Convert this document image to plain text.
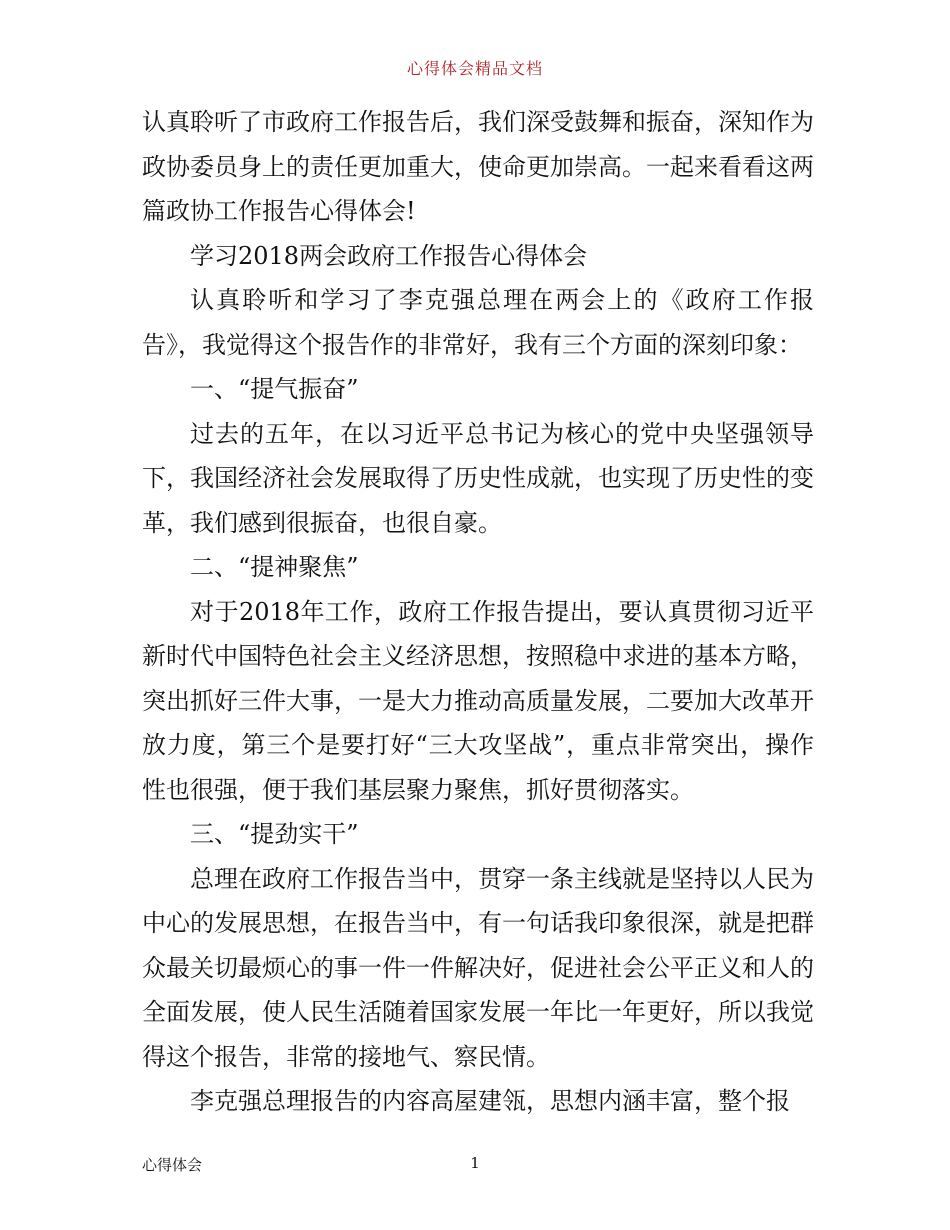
心得体会精品文档

认真聆听了市政府工作报告后，我们深受鼓舞和振奋，深知作为政协委员身上的责任更加重大，使命更加崇高。一起来看看这两篇政协工作报告心得体会!

学习2018两会政府工作报告心得体会

认真聆听和学习了李克强总理在两会上的《政府工作报告》，我觉得这个报告作的非常好，我有三个方面的深刻印象：

一、“提气振奋”

过去的五年，在以习近平总书记为核心的党中央坚强领导下，我国经济社会发展取得了历史性成就，也实现了历史性的变革，我们感到很振奋，也很自豪。

二、“提神聚焦”

对于2018年工作，政府工作报告提出，要认真贯彻习近平新时代中国特色社会主义经济思想，按照稳中求进的基本方略，突出抓好三件大事，一是大力推动高质量发展，二要加大改革开放力度，第三个是要打好“三大攻坚战”，重点非常突出，操作性也很强，便于我们基层聚力聚焦，抓好贯彻落实。

三、“提劲实干”

总理在政府工作报告当中，贯穿一条主线就是坚持以人民为中心的发展思想，在报告当中，有一句话我印象很深，就是把群众最关切最烦心的事一件一件解决好，促进社会公平正义和人的全面发展，使人民生活随着国家发展一年比一年更好，所以我觉得这个报告，非常的接地气、察民情。

李克强总理报告的内容高屋建瓴，思想内涵丰富，整个报

心得体会	1
